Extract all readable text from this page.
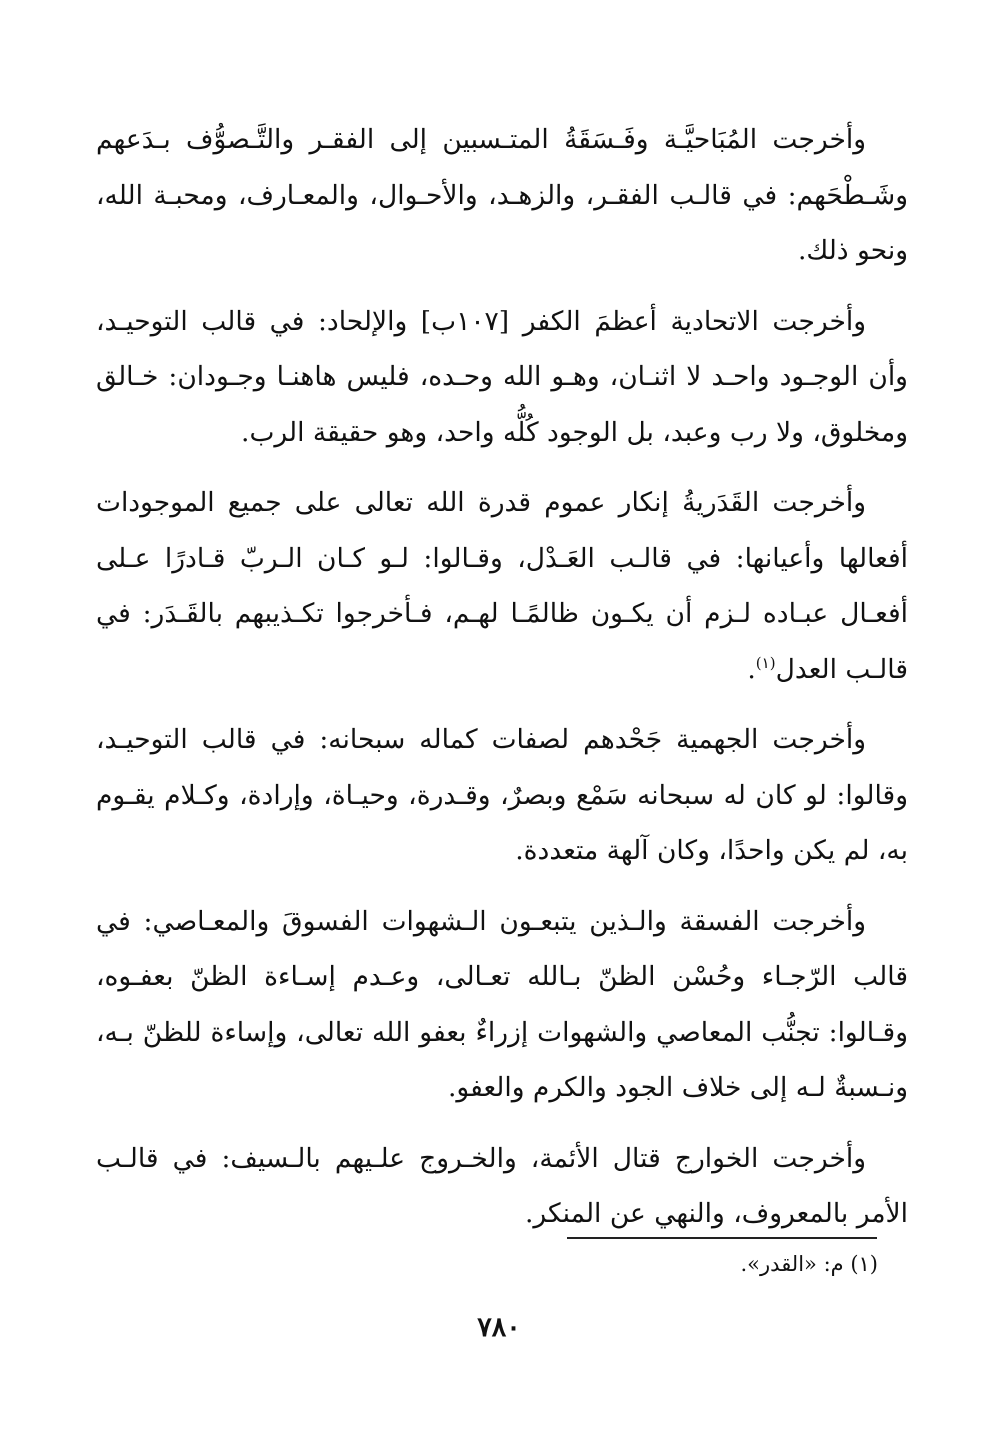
وأخرجت المُبَاحيَّـة وفَـسَقَةُ المتـسبين إلى الفقـر والتَّـصوُّف بـدَعهم وشَـطْحَهم: في قالـب الفقـر، والزهـد، والأحـوال، والمعـارف، ومحبـة الله، ونحو ذلك.

وأخرجت الاتحادية أعظمَ الكفر [١٠٧ب] والإلحاد: في قالب التوحيـد، وأن الوجـود واحـد لا اثنـان، وهـو الله وحـده، فليس هاهنـا وجـودان: خـالق ومخلوق، ولا رب وعبد، بل الوجود كُلُّه واحد، وهو حقيقة الرب.

وأخرجت القَدَريةُ إنكار عموم قدرة الله تعالى على جميع الموجودات أفعالها وأعيانها: في قالـب العَـدْل، وقـالوا: لـو كـان الـربّ قـادرًا عـلى أفعـال عبـاده لـزم أن يكـون ظالمًـا لهـم، فـأخرجوا تكـذيبهم بالقَـدَر: في قالـب العدل$^{(١)}$.

وأخرجت الجهمية جَحْدهم لصفات كماله سبحانه: في قالب التوحيـد، وقالوا: لو كان له سبحانه سَمْع وبصرٌ، وقـدرة، وحيـاة، وإرادة، وكـلام يقـوم به، لم يكن واحدًا، وكان آلهة متعددة.

وأخرجت الفسقة والـذين يتبعـون الـشهوات الفسوقَ والمعـاصي: في قالب الرّجـاء وحُسْن الظنّ بـالله تعـالى، وعـدم إسـاءة الظنّ بعفـوه، وقـالوا: تجنُّب المعاصي والشهوات إزراءٌ بعفو الله تعالى، وإساءة للظنّ بـه، ونـسبةٌ لـه إلى خلاف الجود والكرم والعفو.

وأخرجت الخوارج قتال الأئمة، والخـروج علـيهم بالـسيف: في قالـب الأمر بالمعروف، والنهي عن المنكر.

(١) م: «القدر».
٧٨٠
